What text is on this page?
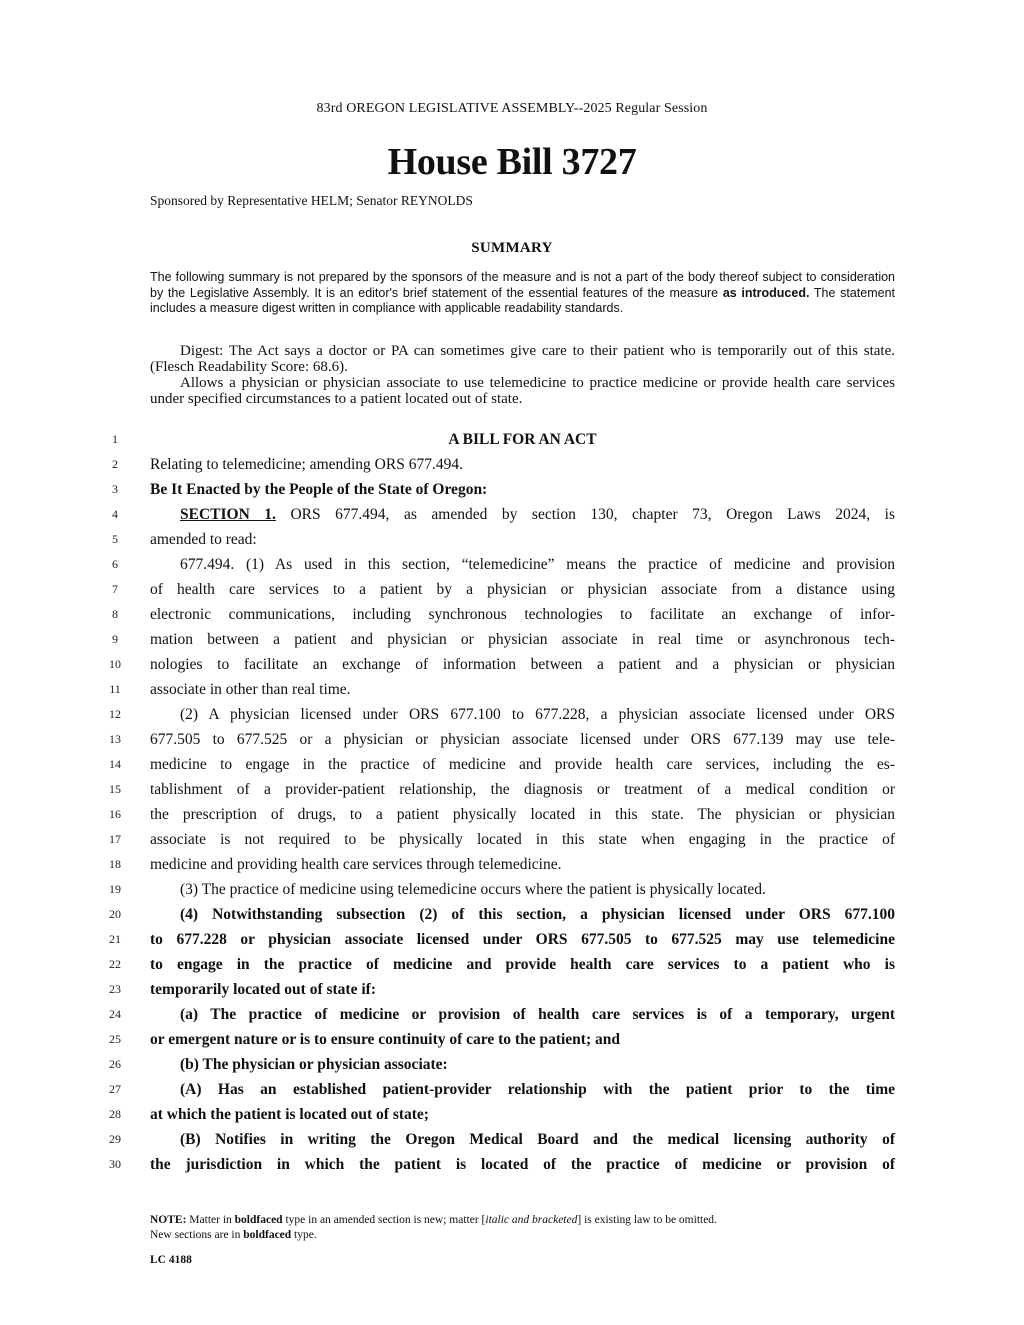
83rd OREGON LEGISLATIVE ASSEMBLY--2025 Regular Session
House Bill 3727
Sponsored by Representative HELM; Senator REYNOLDS
SUMMARY
The following summary is not prepared by the sponsors of the measure and is not a part of the body thereof subject to consideration by the Legislative Assembly. It is an editor's brief statement of the essential features of the measure as introduced. The statement includes a measure digest written in compliance with applicable readability standards.

Digest: The Act says a doctor or PA can sometimes give care to their patient who is temporarily out of this state. (Flesch Readability Score: 68.6).

Allows a physician or physician associate to use telemedicine to practice medicine or provide health care services under specified circumstances to a patient located out of state.

1
2
3
4
5
6
7
8
9
10
11
12
13
14
15
16
17
18
19
20
21
22
23
24
25
26
27
28
29
30
A BILL FOR AN ACT
Relating to telemedicine; amending ORS 677.494.
Be It Enacted by the People of the State of Oregon:
SECTION 1. ORS 677.494, as amended by section 130, chapter 73, Oregon Laws 2024, is
amended to read:
677.494. (1) As used in this section, “telemedicine” means the practice of medicine and provision
of health care services to a patient by a physician or physician associate from a distance using
electronic communications, including synchronous technologies to facilitate an exchange of infor-
mation between a patient and physician or physician associate in real time or asynchronous tech-
nologies to facilitate an exchange of information between a patient and a physician or physician
associate in other than real time.
(2) A physician licensed under ORS 677.100 to 677.228, a physician associate licensed under ORS
677.505 to 677.525 or a physician or physician associate licensed under ORS 677.139 may use tele-
medicine to engage in the practice of medicine and provide health care services, including the es-
tablishment of a provider-patient relationship, the diagnosis or treatment of a medical condition or
the prescription of drugs, to a patient physically located in this state. The physician or physician
associate is not required to be physically located in this state when engaging in the practice of
medicine and providing health care services through telemedicine.
(3) The practice of medicine using telemedicine occurs where the patient is physically located.
(4) Notwithstanding subsection (2) of this section, a physician licensed under ORS 677.100
to 677.228 or physician associate licensed under ORS 677.505 to 677.525 may use telemedicine
to engage in the practice of medicine and provide health care services to a patient who is
temporarily located out of state if:
(a) The practice of medicine or provision of health care services is of a temporary, urgent
or emergent nature or is to ensure continuity of care to the patient; and
(b) The physician or physician associate:
(A) Has an established patient-provider relationship with the patient prior to the time
at which the patient is located out of state;
(B) Notifies in writing the Oregon Medical Board and the medical licensing authority of
the jurisdiction in which the patient is located of the practice of medicine or provision of
NOTE: Matter in boldfaced type in an amended section is new; matter [italic and bracketed] is existing law to be omitted.
New sections are in boldfaced type.
LC 4188
